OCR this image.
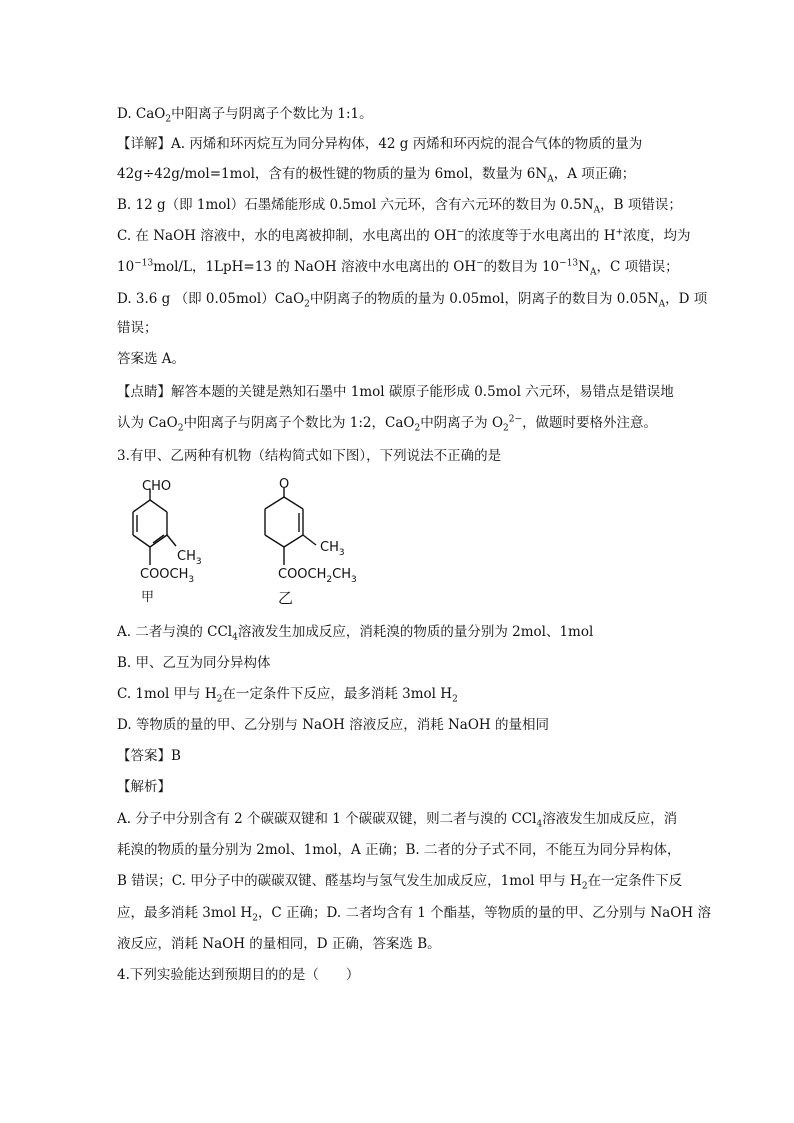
D. CaO$_2$中阳离子与阴离子个数比为 1:1。
【详解】A. 丙烯和环丙烷互为同分异构体，42 g 丙烯和环丙烷的混合气体的物质的量为
42g÷42g/mol=1mol，含有的极性键的物质的量为 6mol，数量为 $6N_A$，A 项正确；
B. 12 g（即 1mol）石墨烯能形成 0.5mol 六元环，含有六元环的数目为 $0.5N_A$，B 项错误；
C. 在 NaOH 溶液中，水的电离被抑制，水电离出的 OH−的浓度等于水电离出的 H+浓度，均为
$10^{-13}mol/L$，1LpH=13 的 NaOH 溶液中水电离出的 OH−的数目为 $10^{-13}N_A$，C 项错误；
D. 3.6 g （即 0.05mol）CaO$_2$中阴离子的物质的量为 0.05mol，阴离子的数目为 $0.05N_A$，D 项
错误；
答案选 A。
【点睛】解答本题的关键是熟知石墨中 1mol 碳原子能形成 0.5mol 六元环，易错点是错误地
认为 CaO$_2$中阳离子与阴离子个数比为 1:2，CaO$_2$中阴离子为 $O_2^{2-}$，做题时要格外注意。
3.有甲、乙两种有机物（结构简式如下图），下列说法不正确的是
CHO
$CH_3$
$COOCH_3$
甲
O
$CH_3$
$COOCH_2CH_3$
乙
A. 二者与溴的 CCl$_4$溶液发生加成反应，消耗溴的物质的量分别为 2mol、1mol
B. 甲、乙互为同分异构体
C. 1mol 甲与 $H_2$在一定条件下反应，最多消耗 3mol $H_2$
D. 等物质的量的甲、乙分别与 NaOH 溶液反应，消耗 NaOH 的量相同
【答案】B
【解析】
A. 分子中分别含有 2 个碳碳双键和 1 个碳碳双键，则二者与溴的 CCl$_4$溶液发生加成反应，消
耗溴的物质的量分别为 2mol、1mol，A 正确；B. 二者的分子式不同，不能互为同分异构体，
B 错误；C. 甲分子中的碳碳双键、醛基均与氢气发生加成反应，1mol 甲与 $H_2$在一定条件下反
应，最多消耗 3mol $H_2$，C 正确；D. 二者均含有 1 个酯基，等物质的量的甲、乙分别与 NaOH 溶
液反应，消耗 NaOH 的量相同，D 正确，答案选 B。
4.下列实验能达到预期目的的是（　　）
